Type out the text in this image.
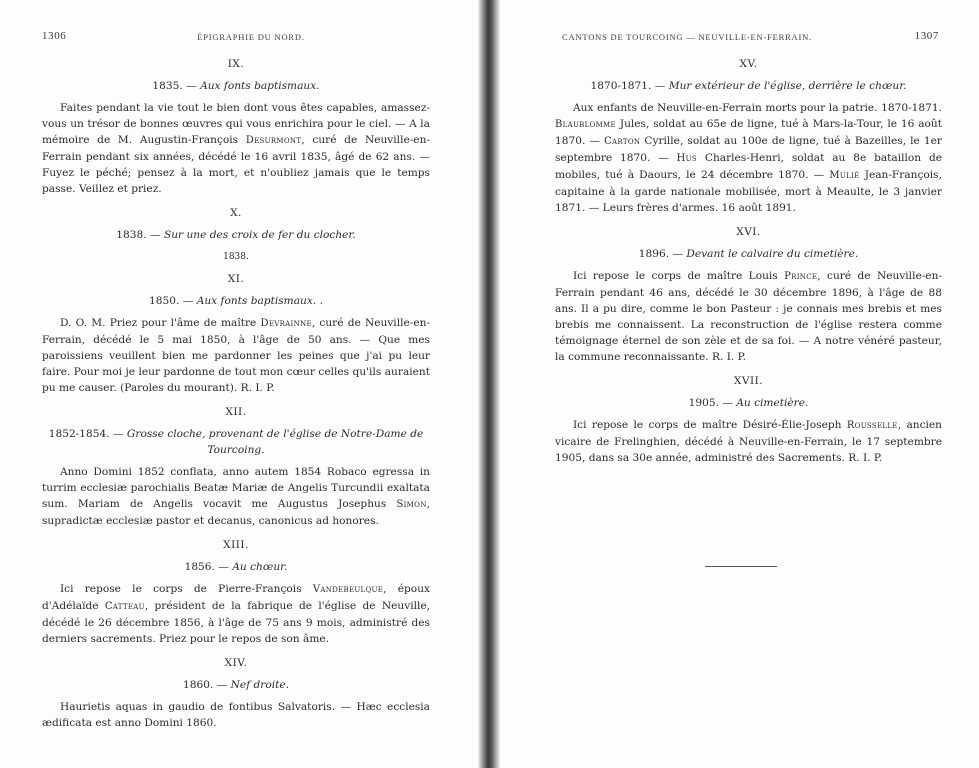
1306	ÉPIGRAPHIE DU NORD.
IX.
1835. — Aux fonts baptismaux.

Faites pendant la vie tout le bien dont vous êtes capables, amassez-vous un trésor de bonnes œuvres qui vous enrichira pour le ciel. — A la mémoire de M. Augustin-François Desurmont, curé de Neuville-en-Ferrain pendant six années, décédé le 16 avril 1835, âgé de 62 ans. — Fuyez le péché; pensez à la mort, et n'oubliez jamais que le temps passe. Veillez et priez.

X.
1838. — Sur une des croix de fer du clocher.
1838.
XI.
1850. — Aux fonts baptismaux. .

D. O. M. Priez pour l'âme de maître Devrainne, curé de Neuville-en-Ferrain, décédé le 5 mai 1850, à l'âge de 50 ans. — Que mes paroissiens veuillent bien me pardonner les peines que j'ai pu leur faire. Pour moi je leur pardonne de tout mon cœur celles qu'ils auraient pu me causer. (Paroles du mourant). R. I. P.

XII.
1852-1854. — Grosse cloche, provenant de l'église de Notre-Dame de Tourcoing.

Anno Domini 1852 conflata, anno autem 1854 Robaco egressa in turrim ecclesiæ parochialis Beatæ Mariæ de Angelis Turcundii exaltata sum. Mariam de Angelis vocavit me Augustus Josephus Simon, supradictæ ecclesiæ pastor et decanus, canonicus ad honores.

XIII.
1856. — Au chœur.

Ici repose le corps de Pierre-François Vandebeulque, époux d'Adélaïde Catteau, président de la fabrique de l'église de Neuville, décédé le 26 décembre 1856, à l'âge de 75 ans 9 mois, administré des derniers sacrements. Priez pour le repos de son âme.

XIV.
1860. — Nef droite.

Haurietis aquas in gaudio de fontibus Salvatoris. — Hæc ecclesia ædificata est anno Domini 1860.

CANTONS DE TOURCOING — NEUVILLE-EN-FERRAIN.	1307
XV.
1870-1871. — Mur extérieur de l'église, derrière le chœur.

Aux enfants de Neuville-en-Ferrain morts pour la patrie. 1870-1871. Blaublomme Jules, soldat au 65e de ligne, tué à Mars-la-Tour, le 16 août 1870. — Carton Cyrille, soldat au 100e de ligne, tué à Bazeilles, le 1er septembre 1870. — Hus Charles-Henri, soldat au 8e bataillon de mobiles, tué à Daours, le 24 décembre 1870. — Mulié Jean-François, capitaine à la garde nationale mobilisée, mort à Meaulte, le 3 janvier 1871. — Leurs frères d'armes. 16 août 1891.

XVI.
1896. — Devant le calvaire du cimetière.

Ici repose le corps de maître Louis Prince, curé de Neuville-en-Ferrain pendant 46 ans, décédé le 30 décembre 1896, à l'âge de 88 ans. Il a pu dire, comme le bon Pasteur : je connais mes brebis et mes brebis me connaissent. La reconstruction de l'église restera comme témoignage éternel de son zèle et de sa foi. — A notre vénéré pasteur, la commune reconnaissante. R. I. P.

XVII.
1905. — Au cimetière.

Ici repose le corps de maître Désiré-Élie-Joseph Rousselle, ancien vicaire de Frelinghien, décédé à Neuville-en-Ferrain, le 17 septembre 1905, dans sa 30e année, administré des Sacrements. R. I. P.
